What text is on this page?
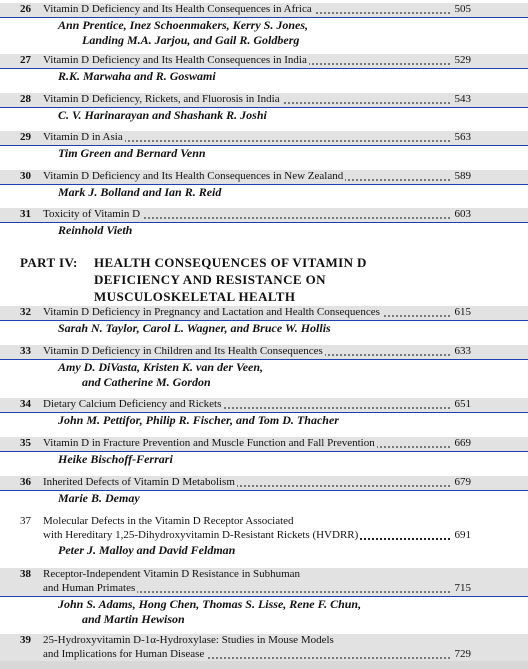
26 Vitamin D Deficiency and Its Health Consequences in Africa	505
Ann Prentice, Inez Schoenmakers, Kerry S. Jones,
Landing M.A. Jarjou, and Gail R. Goldberg
27 Vitamin D Deficiency and Its Health Consequences in India	529
R.K. Marwaha and R. Goswami
28 Vitamin D Deficiency, Rickets, and Fluorosis in India	543
C. V. Harinarayan and Shashank R. Joshi
29 Vitamin D in Asia	563
Tim Green and Bernard Venn
30 Vitamin D Deficiency and Its Health Consequences in New Zealand	589
Mark J. Bolland and Ian R. Reid
31 Toxicity of Vitamin D	603
Reinhold Vieth
PART IV: HEALTH CONSEQUENCES OF VITAMIN D
DEFICIENCY AND RESISTANCE ON
MUSCULOSKELETAL HEALTH
32 Vitamin D Deficiency in Pregnancy and Lactation and Health Consequences	615
Sarah N. Taylor, Carol L. Wagner, and Bruce W. Hollis
33 Vitamin D Deficiency in Children and Its Health Consequences	633
Amy D. DiVasta, Kristen K. van der Veen,
and Catherine M. Gordon
34 Dietary Calcium Deficiency and Rickets	651
John M. Pettifor, Philip R. Fischer, and Tom D. Thacher
35 Vitamin D in Fracture Prevention and Muscle Function and Fall Prevention	669
Heike Bischoff-Ferrari
36 Inherited Defects of Vitamin D Metabolism	679
Marie B. Demay
37 Molecular Defects in the Vitamin D Receptor Associated
with Hereditary 1,25-Dihydroxyvitamin D-Resistant Rickets (HVDRR)	691
Peter J. Malloy and David Feldman
38 Receptor-Independent Vitamin D Resistance in Subhuman
and Human Primates	715
John S. Adams, Hong Chen, Thomas S. Lisse, Rene F. Chun,
and Martin Hewison
39 25-Hydroxyvitamin D-1α-Hydroxylase: Studies in Mouse Models
and Implications for Human Disease	729
